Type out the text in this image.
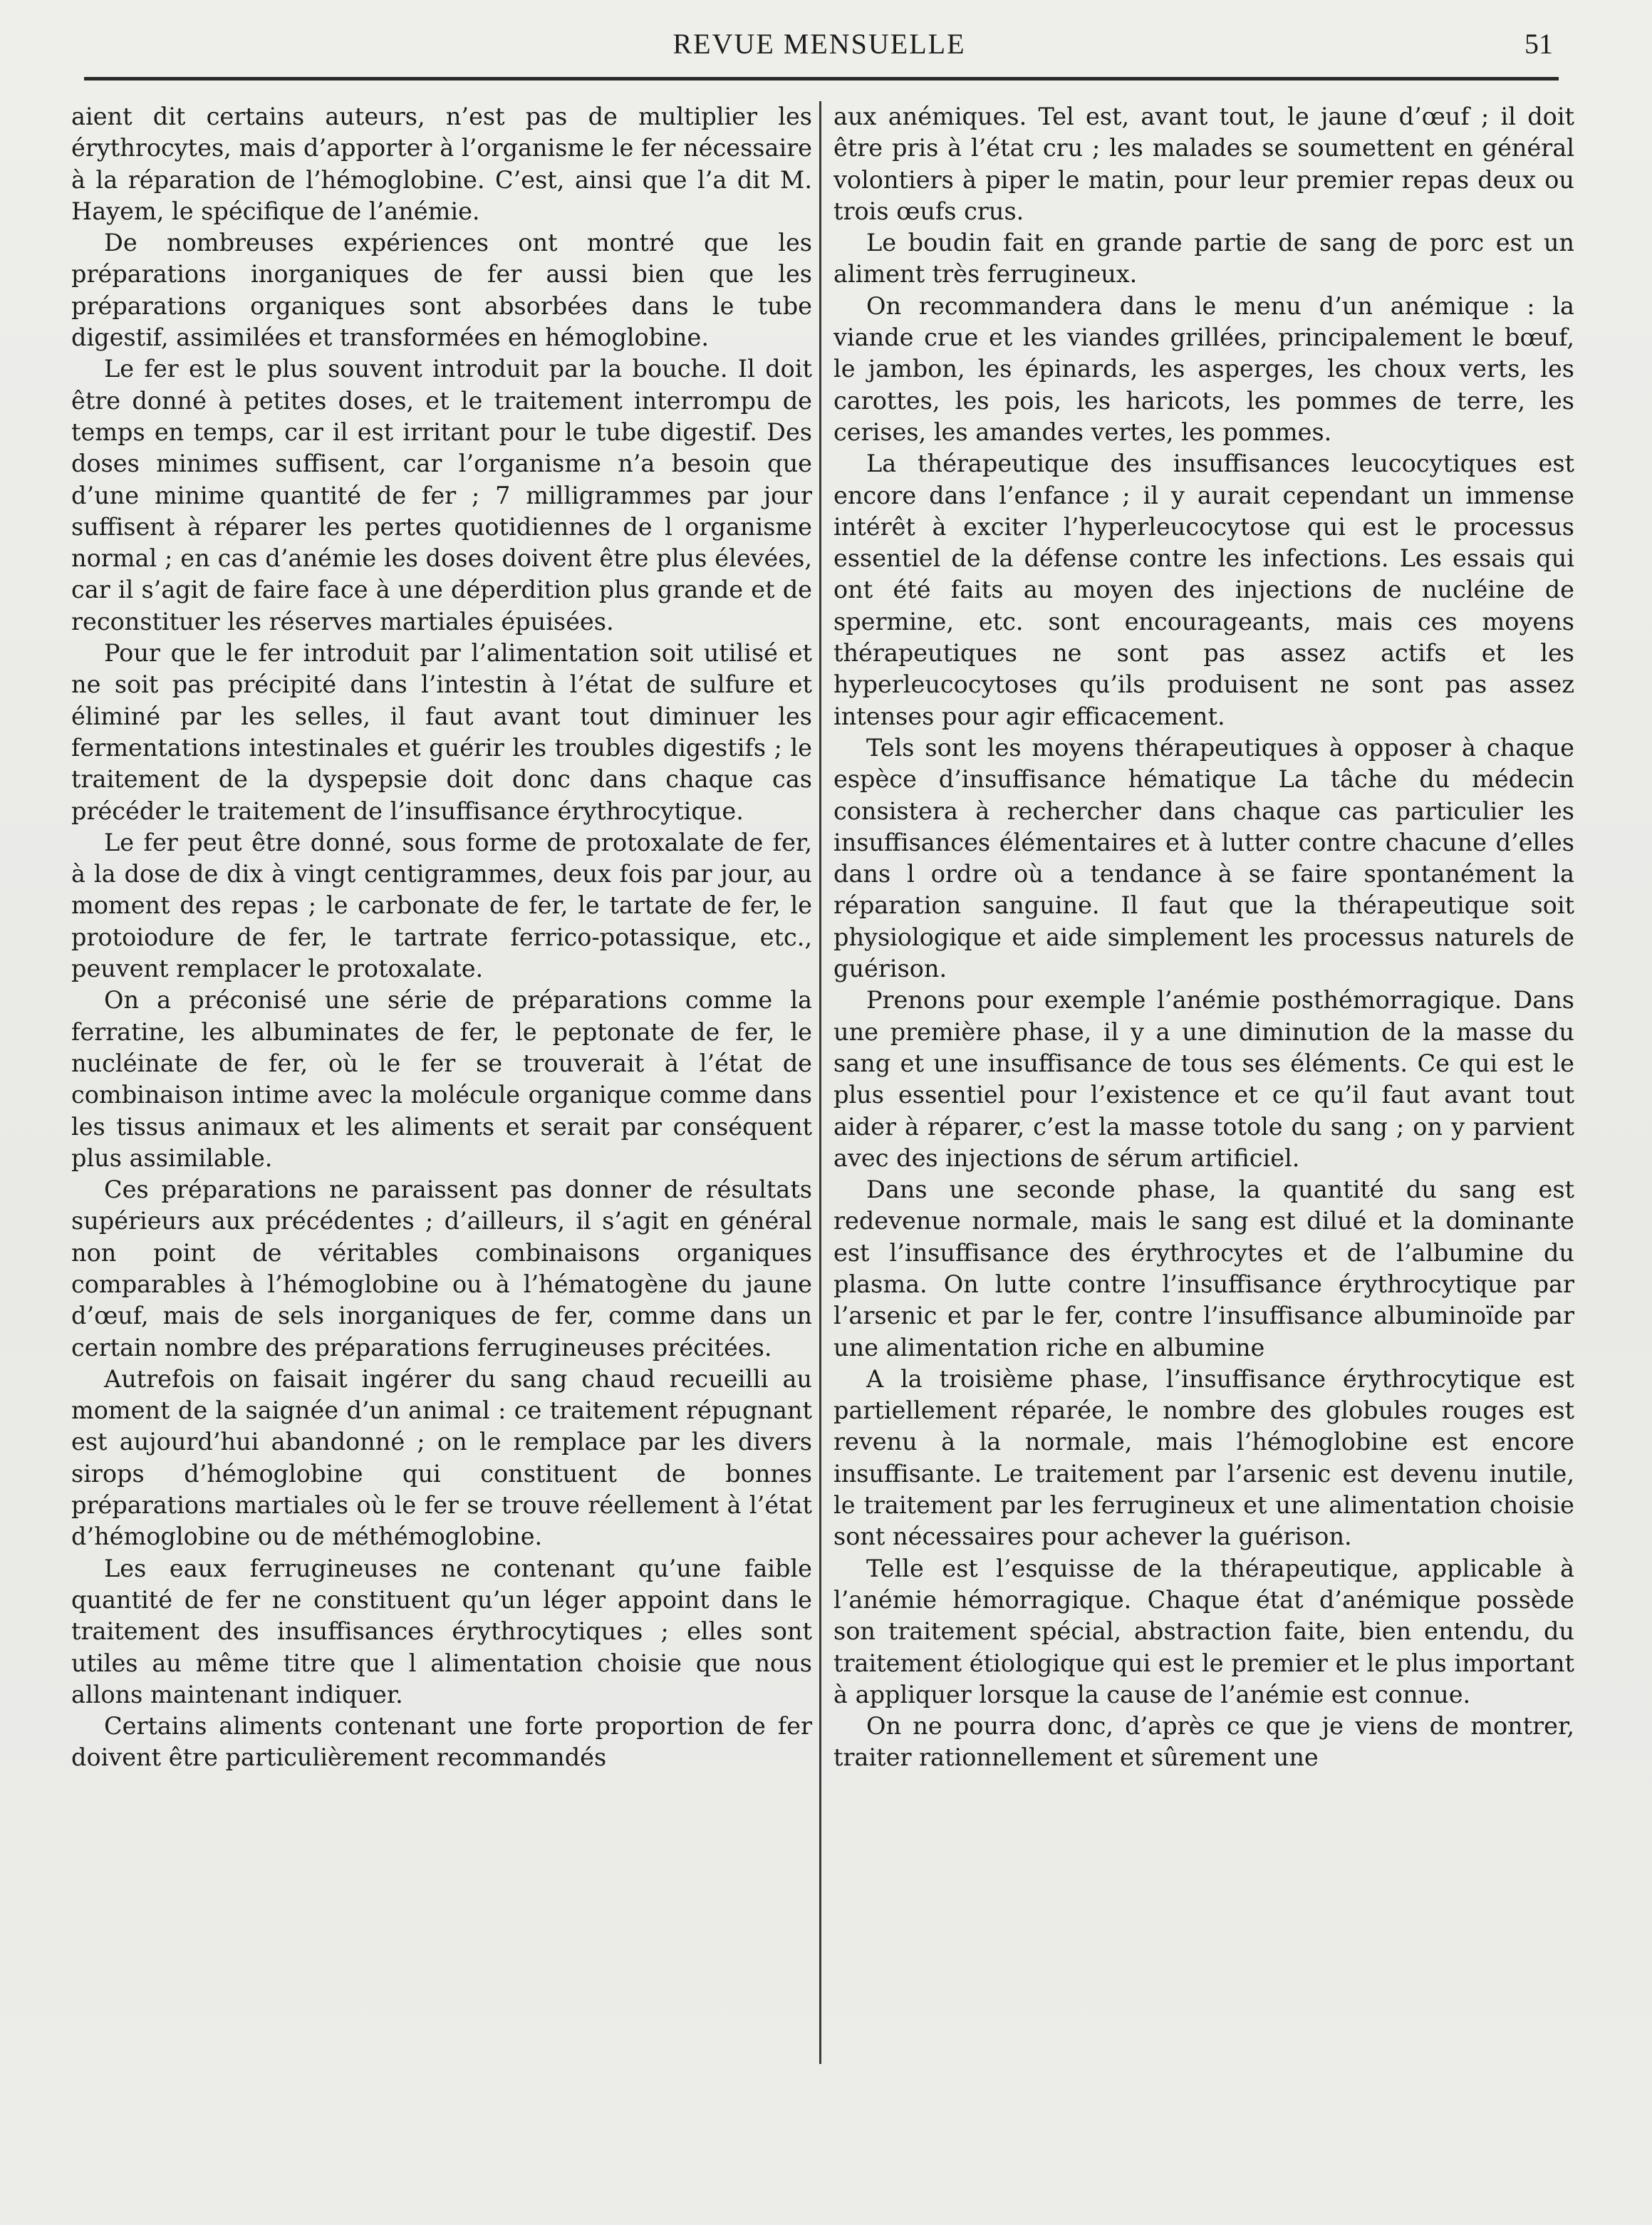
REVUE MENSUELLE	51

aient dit certains auteurs, n’est pas de multiplier les érythrocytes, mais d’apporter à l’organisme le fer nécessaire à la réparation de l’hémoglobine. C’est, ainsi que l’a dit M. Hayem, le spécifique de l’anémie.

De nombreuses expériences ont montré que les préparations inorganiques de fer aussi bien que les préparations organiques sont absorbées dans le tube digestif, assimilées et transformées en hémoglobine.

Le fer est le plus souvent introduit par la bouche. Il doit être donné à petites doses, et le traitement interrompu de temps en temps, car il est irritant pour le tube digestif. Des doses minimes suffisent, car l’organisme n’a besoin que d’une minime quantité de fer ; 7 milligrammes par jour suffisent à réparer les pertes quotidiennes de l organisme normal ; en cas d’anémie les doses doivent être plus élevées, car il s’agit de faire face à une déperdition plus grande et de reconstituer les réserves martiales épuisées.

Pour que le fer introduit par l’alimentation soit utilisé et ne soit pas précipité dans l’intestin à l’état de sulfure et éliminé par les selles, il faut avant tout diminuer les fermentations intestinales et guérir les troubles digestifs ; le traitement de la dyspepsie doit donc dans chaque cas précéder le traitement de l’insuffisance érythrocytique.

Le fer peut être donné, sous forme de protoxalate de fer, à la dose de dix à vingt centigrammes, deux fois par jour, au moment des repas ; le carbonate de fer, le tartate de fer, le protoiodure de fer, le tartrate ferrico-potassique, etc., peuvent remplacer le protoxalate.

On a préconisé une série de préparations comme la ferratine, les albuminates de fer, le peptonate de fer, le nucléinate de fer, où le fer se trouverait à l’état de combinaison intime avec la molécule organique comme dans les tissus animaux et les aliments et serait par conséquent plus assimilable.

Ces préparations ne paraissent pas donner de résultats supérieurs aux précédentes ; d’ailleurs, il s’agit en général non point de véritables combinaisons organiques comparables à l’hémoglobine ou à l’hématogène du jaune d’œuf, mais de sels inorganiques de fer, comme dans un certain nombre des préparations ferrugineuses précitées.

Autrefois on faisait ingérer du sang chaud recueilli au moment de la saignée d’un animal : ce traitement répugnant est aujourd’hui abandonné ; on le remplace par les divers sirops d’hémoglobine qui constituent de bonnes préparations martiales où le fer se trouve réellement à l’état d’hémoglobine ou de méthémoglobine.

Les eaux ferrugineuses ne contenant qu’une faible quantité de fer ne constituent qu’un léger appoint dans le traitement des insuffisances érythrocytiques ; elles sont utiles au même titre que l alimentation choisie que nous allons maintenant indiquer.

Certains aliments contenant une forte proportion de fer doivent être particulièrement recommandés

aux anémiques. Tel est, avant tout, le jaune d’œuf ; il doit être pris à l’état cru ; les malades se soumettent en général volontiers à piper le matin, pour leur premier repas deux ou trois œufs crus.

Le boudin fait en grande partie de sang de porc est un aliment très ferrugineux.

On recommandera dans le menu d’un anémique : la viande crue et les viandes grillées, principalement le bœuf, le jambon, les épinards, les asperges, les choux verts, les carottes, les pois, les haricots, les pommes de terre, les cerises, les amandes vertes, les pommes.

La thérapeutique des insuffisances leucocytiques est encore dans l’enfance ; il y aurait cependant un immense intérêt à exciter l’hyperleucocytose qui est le processus essentiel de la défense contre les infections. Les essais qui ont été faits au moyen des injections de nucléine de spermine, etc. sont encourageants, mais ces moyens thérapeutiques ne sont pas assez actifs et les hyperleucocytoses qu’ils produisent ne sont pas assez intenses pour agir efficacement.

Tels sont les moyens thérapeutiques à opposer à chaque espèce d’insuffisance hématique La tâche du médecin consistera à rechercher dans chaque cas particulier les insuffisances élémentaires et à lutter contre chacune d’elles dans l ordre où a tendance à se faire spontanément la réparation sanguine. Il faut que la thérapeutique soit physiologique et aide simplement les processus naturels de guérison.

Prenons pour exemple l’anémie posthémorragique. Dans une première phase, il y a une diminution de la masse du sang et une insuffisance de tous ses éléments. Ce qui est le plus essentiel pour l’existence et ce qu’il faut avant tout aider à réparer, c’est la masse totole du sang ; on y parvient avec des injections de sérum artificiel.

Dans une seconde phase, la quantité du sang est redevenue normale, mais le sang est dilué et la dominante est l’insuffisance des érythrocytes et de l’albumine du plasma. On lutte contre l’insuffisance érythrocytique par l’arsenic et par le fer, contre l’insuffisance albuminoïde par une alimentation riche en albumine

A la troisième phase, l’insuffisance érythrocytique est partiellement réparée, le nombre des globules rouges est revenu à la normale, mais l’hémoglobine est encore insuffisante. Le traitement par l’arsenic est devenu inutile, le traitement par les ferrugineux et une alimentation choisie sont nécessaires pour achever la guérison.

Telle est l’esquisse de la thérapeutique, applicable à l’anémie hémorragique. Chaque état d’anémique possède son traitement spécial, abstraction faite, bien entendu, du traitement étiologique qui est le premier et le plus important à appliquer lorsque la cause de l’anémie est connue.

On ne pourra donc, d’après ce que je viens de montrer, traiter rationnellement et sûrement une
